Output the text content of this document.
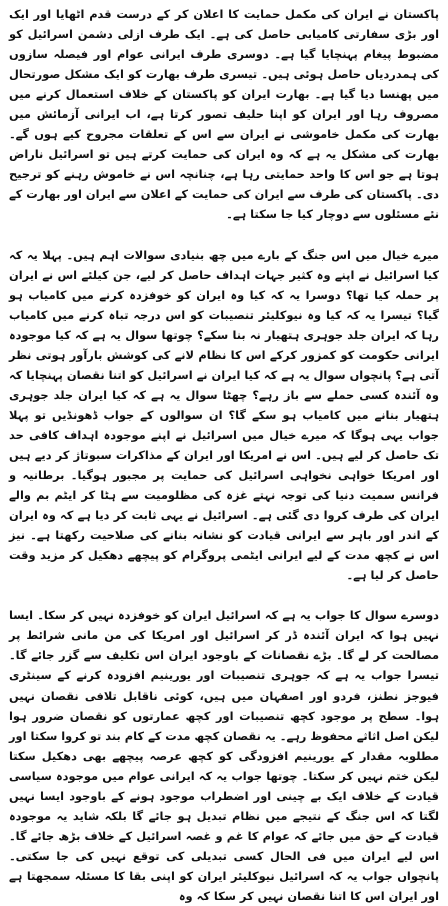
پاکستان نے ایران کی مکمل حمایت کا اعلان کر کے درست قدم اٹھایا اور ایک اور بڑی سفارتی کامیابی حاصل کی ہے۔ ایک طرف ازلی دشمن اسرائیل کو مضبوط پیغام پہنچایا گیا ہے۔ دوسری طرف ایرانی عوام اور فیصلہ سازوں کی ہمدردیاں حاصل ہوئی ہیں۔ تیسری طرف بھارت کو ایک مشکل صورتحال میں پھنسا دیا گیا ہے۔ بھارت ایران کو پاکستان کے خلاف استعمال کرنے میں مصروف رہا اور ایران کو اپنا حلیف تصور کرتا ہے، اب ایرانی آزمائش میں بھارت کی مکمل خاموشی نے ایران سے اس کے تعلقات مجروح کیے ہوں گے۔ بھارت کی مشکل یہ ہے کہ وہ ایران کی حمایت کرتے ہیں تو اسرائیل ناراض ہوتا ہے جو اس کا واحد حمایتی رہا ہے، چنانچہ اس نے خاموش رہنے کو ترجیح دی۔ پاکستان کی طرف سے ایران کی حمایت کے اعلان سے ایران اور بھارت کے نئے مسئلوں سے دوچار کیا جا سکتا ہے۔

میرے خیال میں اس جنگ کے بارے میں چھ بنیادی سوالات اہم ہیں۔ پہلا یہ کہ کیا اسرائیل نے اپنے وہ کثیر جہات اہداف حاصل کر لیے، جن کیلئے اس نے ایران پر حملہ کیا تھا؟ دوسرا یہ کہ کیا وہ ایران کو خوفزدہ کرنے میں کامیاب ہو گیا؟ تیسرا یہ کہ کیا وہ نیوکلیئر تنصیبات کو اس درجہ تباہ کرنے میں کامیاب رہا کہ ایران جلد جوہری ہتھیار نہ بنا سکے؟ چوتھا سوال یہ ہے کہ کیا موجودہ ایرانی حکومت کو کمزور کرکے اس کا نظام لانے کی کوشش بارآور ہوتی نظر آتی ہے؟ پانچواں سوال یہ ہے کہ کیا ایران نے اسرائیل کو اتنا نقصان پہنچایا کہ وہ آئندہ کسی حملے سے باز رہے؟ چھٹا سوال یہ ہے کہ کیا ایران جلد جوہری ہتھیار بنانے میں کامیاب ہو سکے گا؟ ان سوالوں کے جواب ڈھونڈیں تو پہلا جواب یہی ہوگا کہ میرے خیال میں اسرائیل نے اپنے موجودہ اہداف کافی حد تک حاصل کر لیے ہیں۔ اس نے امریکا اور ایران کے مذاکرات سبوتاژ کر دیے ہیں اور امریکا خواہی نخواہی اسرائیل کی حمایت پر مجبور ہوگیا۔ برطانیہ و فرانس سمیت دنیا کی توجہ نہتے غزہ کی مظلومیت سے ہٹا کر ایٹم بم والے ایران کی طرف کروا دی گئی ہے۔ اسرائیل نے یہی ثابت کر دیا ہے کہ وہ ایران کے اندر اور باہر سے ایرانی قیادت کو نشانہ بنانے کی صلاحیت رکھتا ہے۔ نیز اس نے کچھ مدت کے لیے ایرانی ایٹمی پروگرام کو پیچھے دھکیل کر مزید وقت حاصل کر لیا ہے۔

دوسرے سوال کا جواب یہ ہے کہ اسرائیل ایران کو خوفزدہ نہیں کر سکا۔ ایسا نہیں ہوا کہ ایران آئندہ ڈر کر اسرائیل اور امریکا کی من مانی شرائط پر مصالحت کر لے گا۔ بڑے نقصانات کے باوجود ایران اس تکلیف سے گزر جائے گا۔ تیسرا جواب یہ ہے کہ جوہری تنصیبات اور یورینیم افزودہ کرنے کے سینٹری فیوجز نطنز، فردو اور اصفہان میں ہیں، کوئی ناقابل تلافی نقصان نہیں ہوا۔ سطح پر موجود کچھ تنصیبات اور کچھ عمارتوں کو نقصان ضرور ہوا لیکن اصل اثاثے محفوظ رہے۔ یہ نقصان کچھ مدت کے کام بند تو کروا سکتا اور مطلوبہ مقدار کے یورینیم افزودگی کو کچھ عرصہ پیچھے بھی دھکیل سکتا لیکن ختم نہیں کر سکتا۔ چوتھا جواب یہ کہ ایرانی عوام میں موجودہ سیاسی قیادت کے خلاف ایک بے چینی اور اضطراب موجود ہونے کے باوجود ایسا نہیں لگتا کہ اس جنگ کے نتیجے میں نظام تبدیل ہو جائے گا بلکہ شاید یہ موجودہ قیادت کے حق میں جائے کہ عوام کا غم و غصہ اسرائیل کے خلاف بڑھ جائے گا۔ اس لیے ایران میں فی الحال کسی تبدیلی کی توقع نہیں کی جا سکتی۔ پانچواں جواب یہ کہ اسرائیل نیوکلیئر ایران کو اپنی بقا کا مسئلہ سمجھتا ہے اور ایران اس کا اتنا نقصان نہیں کر سکا کہ وہ
